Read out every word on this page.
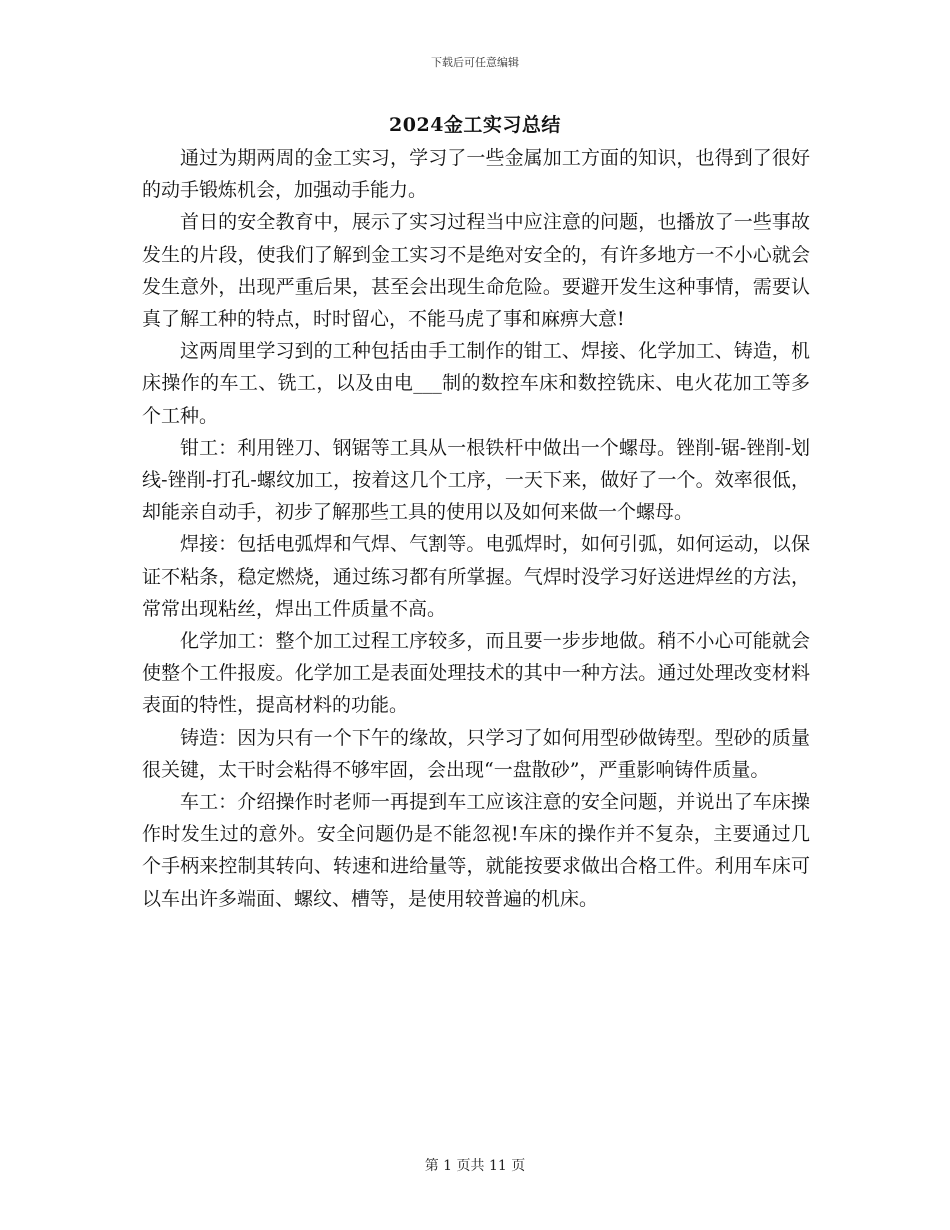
下载后可任意编辑
2024金工实习总结

通过为期两周的金工实习，学习了一些金属加工方面的知识，也得到了很好的动手锻炼机会，加强动手能力。

首日的安全教育中，展示了实习过程当中应注意的问题，也播放了一些事故发生的片段，使我们了解到金工实习不是绝对安全的，有许多地方一不小心就会发生意外，出现严重后果，甚至会出现生命危险。要避开发生这种事情，需要认真了解工种的特点，时时留心，不能马虎了事和麻痹大意!

这两周里学习到的工种包括由手工制作的钳工、焊接、化学加工、铸造，机床操作的车工、铣工，以及由电___制的数控车床和数控铣床、电火花加工等多个工种。

钳工：利用锉刀、钢锯等工具从一根铁杆中做出一个螺母。锉削-锯-锉削-划线-锉削-打孔-螺纹加工，按着这几个工序，一天下来，做好了一个。效率很低，却能亲自动手，初步了解那些工具的使用以及如何来做一个螺母。

焊接：包括电弧焊和气焊、气割等。电弧焊时，如何引弧，如何运动，以保证不粘条，稳定燃烧，通过练习都有所掌握。气焊时没学习好送进焊丝的方法，常常出现粘丝，焊出工件质量不高。

化学加工：整个加工过程工序较多，而且要一步步地做。稍不小心可能就会使整个工件报废。化学加工是表面处理技术的其中一种方法。通过处理改变材料表面的特性，提高材料的功能。

铸造：因为只有一个下午的缘故，只学习了如何用型砂做铸型。型砂的质量很关键，太干时会粘得不够牢固，会出现“一盘散砂”，严重影响铸件质量。

车工：介绍操作时老师一再提到车工应该注意的安全问题，并说出了车床操作时发生过的意外。安全问题仍是不能忽视!车床的操作并不复杂，主要通过几个手柄来控制其转向、转速和进给量等，就能按要求做出合格工件。利用车床可以车出许多端面、螺纹、槽等，是使用较普遍的机床。

第 1 页共 11 页
